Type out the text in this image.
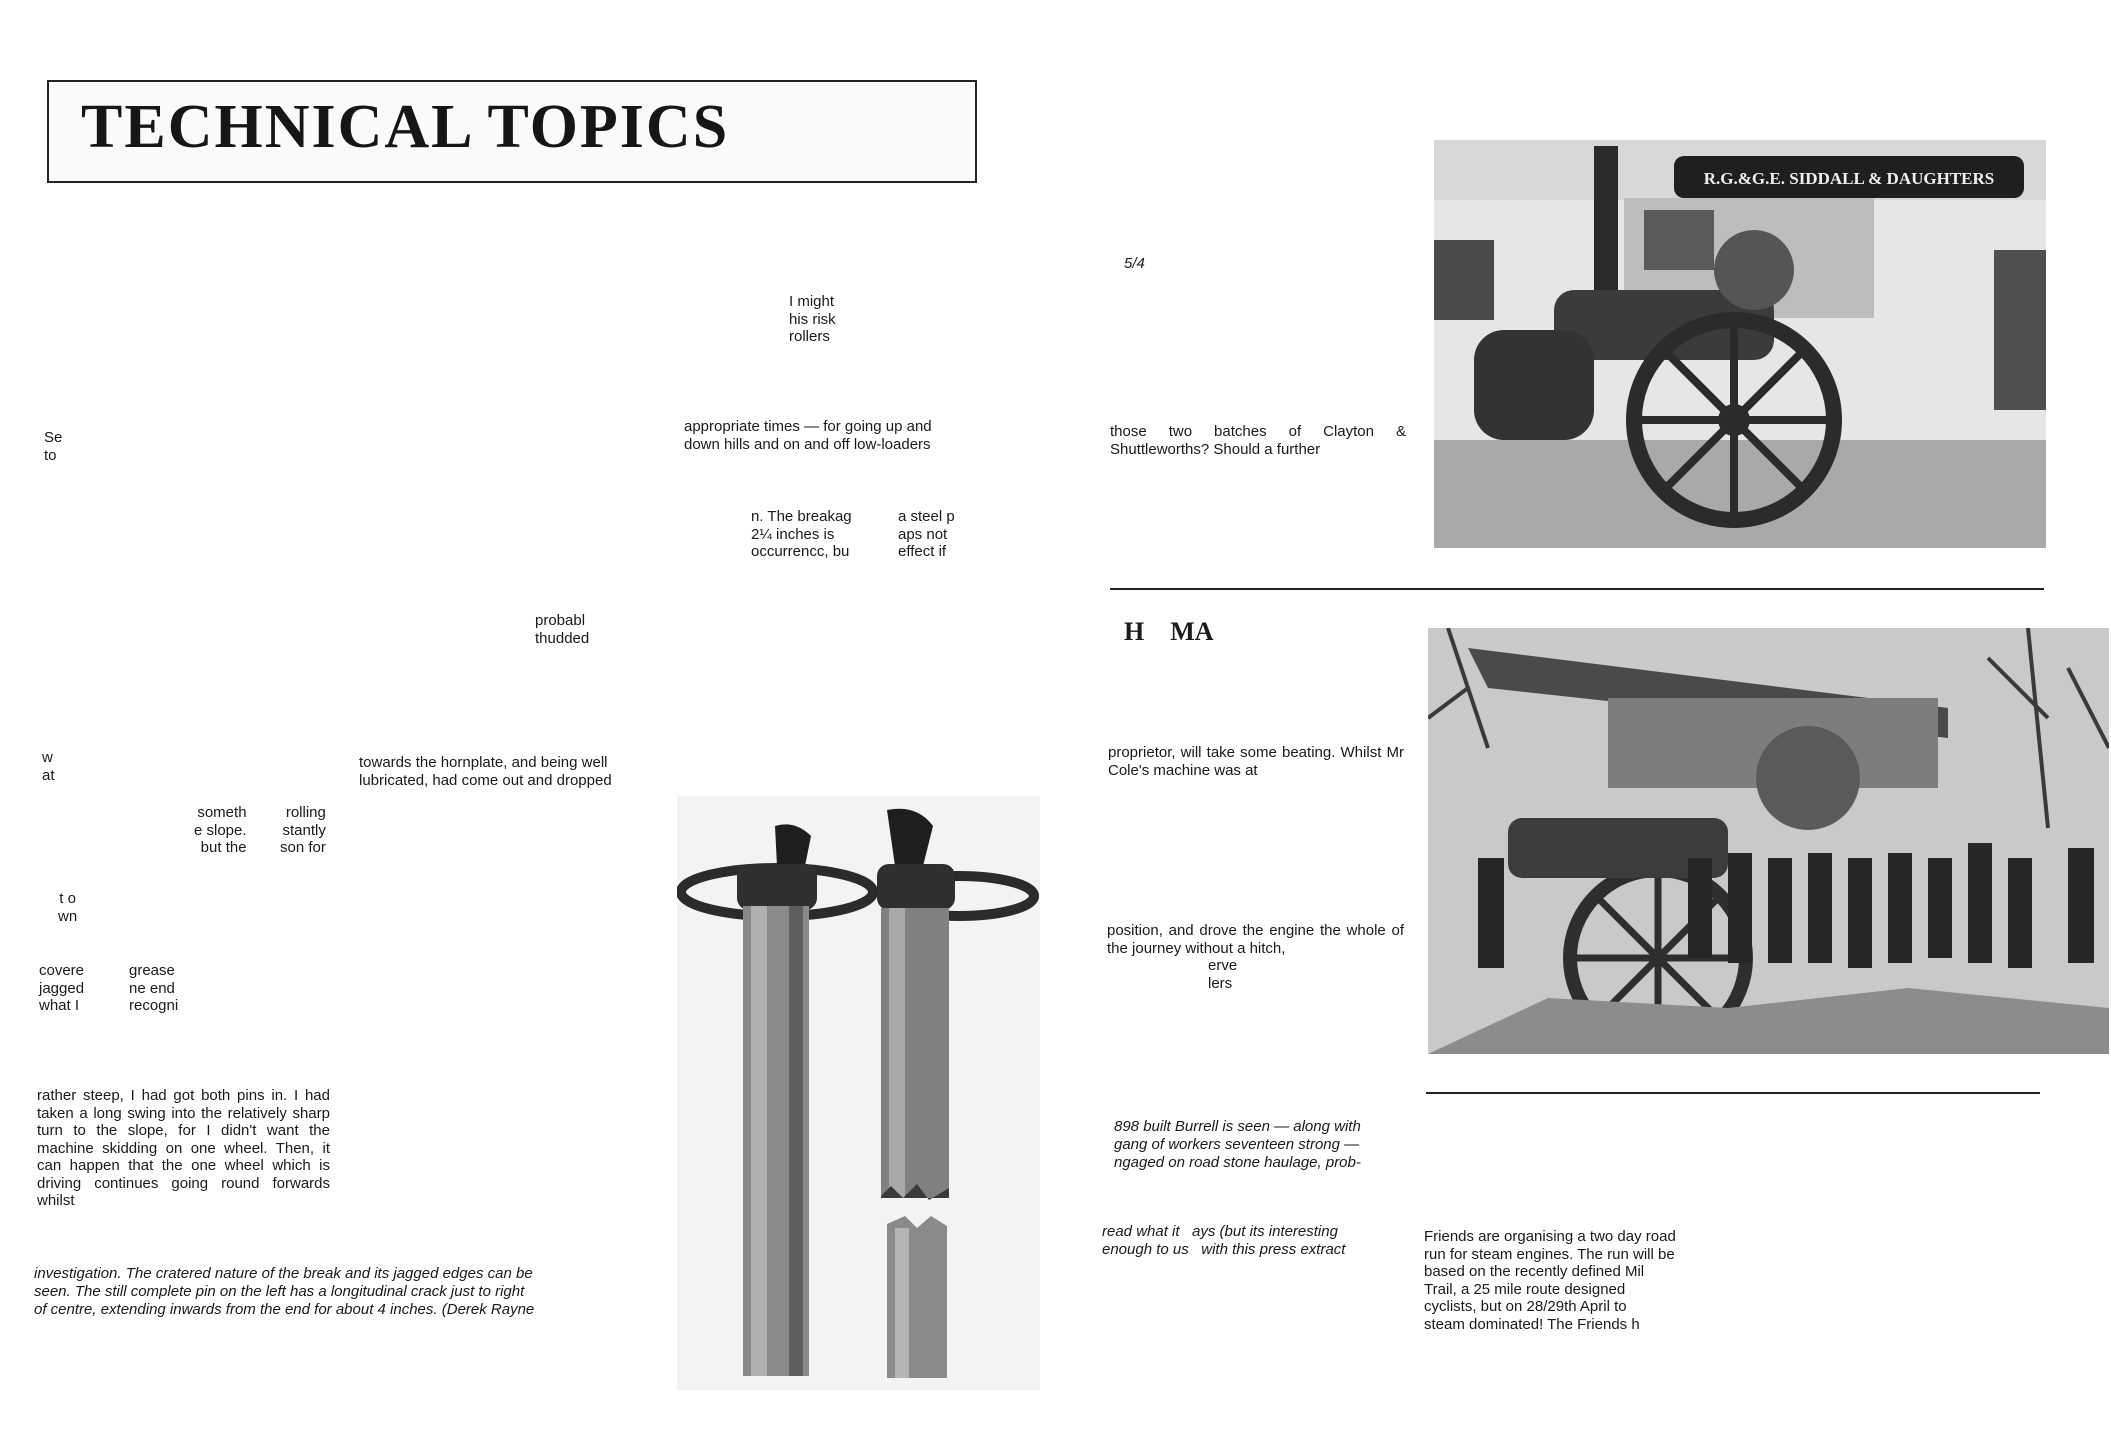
TECHNICAL TOPICS
I might
his risk
rollers
appropriate times — for going up and
down hills and on and off low-loaders
Se
to
n. The breakag
2¼ inches is
occurrencc, bu
a steel p
aps not
effect if
probabl
thudded
w
at
towards the hornplate, and being well
lubricated, had come out and dropped
someth
e slope.
but the
rolling
stantly
son for
t o
wn
covere
jagged
what I
grease
ne end
recogni
rather steep, I had got both pins in. I had taken a long swing into the relatively sharp turn to the slope, for I didn't want the machine skidding on one wheel. Then, it can happen that the one wheel which is driving continues going round forwards whilst
investigation. The cratered nature of the break and its jagged edges can be
seen. The still complete pin on the left has a longitudinal crack just to right
of centre, extending inwards from the end for about 4 inches. (Derek Rayne
5/4
those two batches of Clayton & Shuttleworths? Should a further
R.G.&G.E. SIDDALL & DAUGHTERS
H    MA
proprietor, will take some beating. Whilst Mr Cole's machine was at
position, and drove the engine the whole of the journey without a hitch,
erve
lers
898 built Burrell is seen — along with
gang of workers seventeen strong —
ngaged on road stone haulage, prob-
read what it   ays (but its interesting
enough to us   with this press extract
Friends are organising a two day road
run for steam engines. The run will be
based on the recently defined Mil
Trail, a 25 mile route designed
cyclists, but on 28/29th April to
steam dominated! The Friends h
